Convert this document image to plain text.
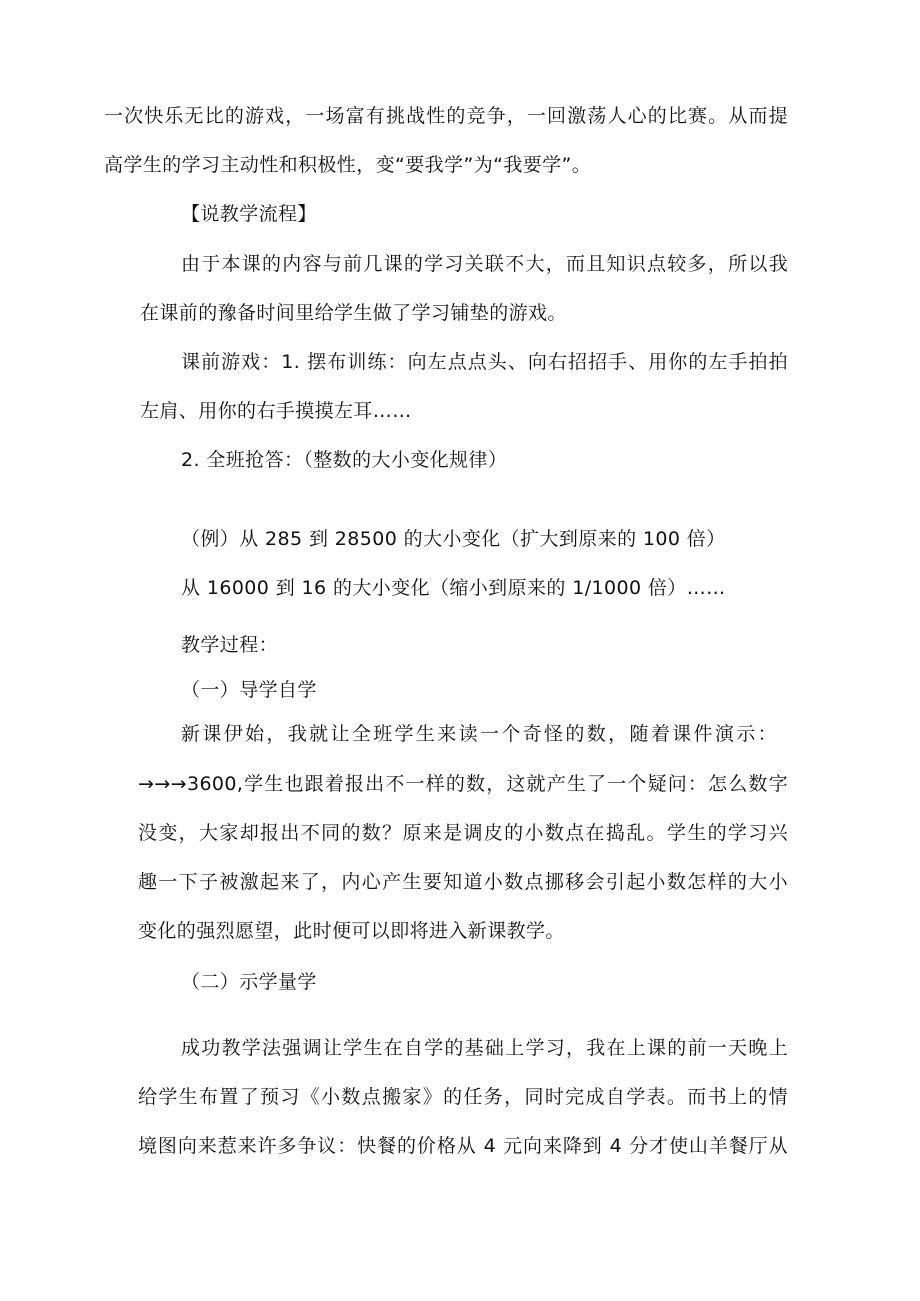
一次快乐无比的游戏，一场富有挑战性的竞争，一回激荡人心的比赛。从而提
高学生的学习主动性和积极性，变“要我学”为“我要学”。
【说教学流程】
由于本课的内容与前几课的学习关联不大，而且知识点较多，所以我
在课前的豫备时间里给学生做了学习铺垫的游戏。
课前游戏：1. 摆布训练：向左点点头、向右招招手、用你的左手拍拍
左肩、用你的右手摸摸左耳……
2. 全班抢答：（整数的大小变化规律）
（例）从 285 到 28500 的大小变化（扩大到原来的 100 倍）
从 16000 到 16 的大小变化（缩小到原来的 1/1000 倍）……
教学过程：
（一）导学自学
新课伊始，我就让全班学生来读一个奇怪的数，随着课件演示：
→→→3600,学生也跟着报出不一样的数，这就产生了一个疑问：怎么数字
没变，大家却报出不同的数？原来是调皮的小数点在捣乱。学生的学习兴
趣一下子被激起来了，内心产生要知道小数点挪移会引起小数怎样的大小
变化的强烈愿望，此时便可以即将进入新课教学。
（二）示学量学
成功教学法强调让学生在自学的基础上学习，我在上课的前一天晚上
给学生布置了预习《小数点搬家》的任务，同时完成自学表。而书上的情
境图向来惹来许多争议：快餐的价格从 4 元向来降到 4 分才使山羊餐厅从
